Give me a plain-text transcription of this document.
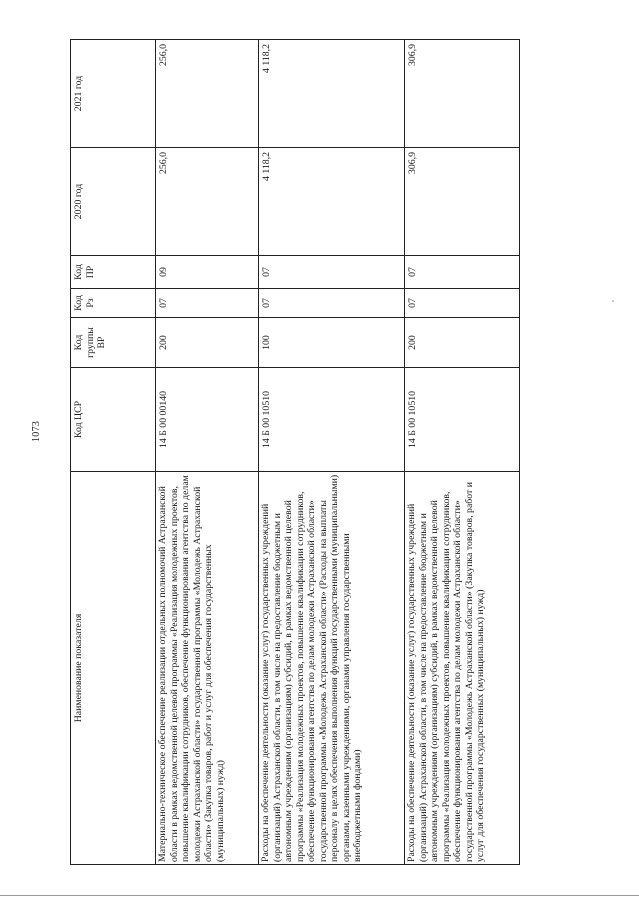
1073
Наименование показателя	Код ЦСР	Код группы ВР	Код Рз	Код ПР	2020 год	2021 год
Материально-техническое обеспечение реализации отдельных полномочий Астраханской области в рамках ведомственной целевой программы «Реализация молодежных проектов, повышение квалификации сотрудников, обеспечение функционирования агентства по делам молодежи Астраханской области» государственной программы «Молодежь Астраханской области» (Закупка товаров, работ и услуг для обеспечения государственных (муниципальных) нужд)	14 Б 00 00140	200	07	09	256,0	256,0
Расходы на обеспечение деятельности (оказание услуг) государственных учреждений (организаций) Астраханской области, в том числе на предоставление бюджетным и автономным учреждениям (организациям) субсидий, в рамках ведомственной целевой программы «Реализация молодежных проектов, повышение квалификации сотрудников, обеспечение функционирования агентства по делам молодежи Астраханской области» государственной программы «Молодежь Астраханской области» (Расходы на выплаты персоналу в целях обеспечения выполнения функций государственными (муниципальными) органами, казенными учреждениями, органами управления государственными внебюджетными фондами)	14 Б 00 10510	100	07	07	4 118,2	4 118,2
Расходы на обеспечение деятельности (оказание услуг) государственных учреждений (организаций) Астраханской области, в том числе на предоставление бюджетным и автономным учреждениям (организациям) субсидий, в рамках ведомственной целевой программы «Реализация молодежных проектов, повышение квалификации сотрудников, обеспечение функционирования агентства по делам молодежи Астраханской области» государственной программы «Молодежь Астраханской области» (Закупка товаров, работ и услуг для обеспечения государственных (муниципальных) нужд)	14 Б 00 10510	200	07	07	306,9	306,9
